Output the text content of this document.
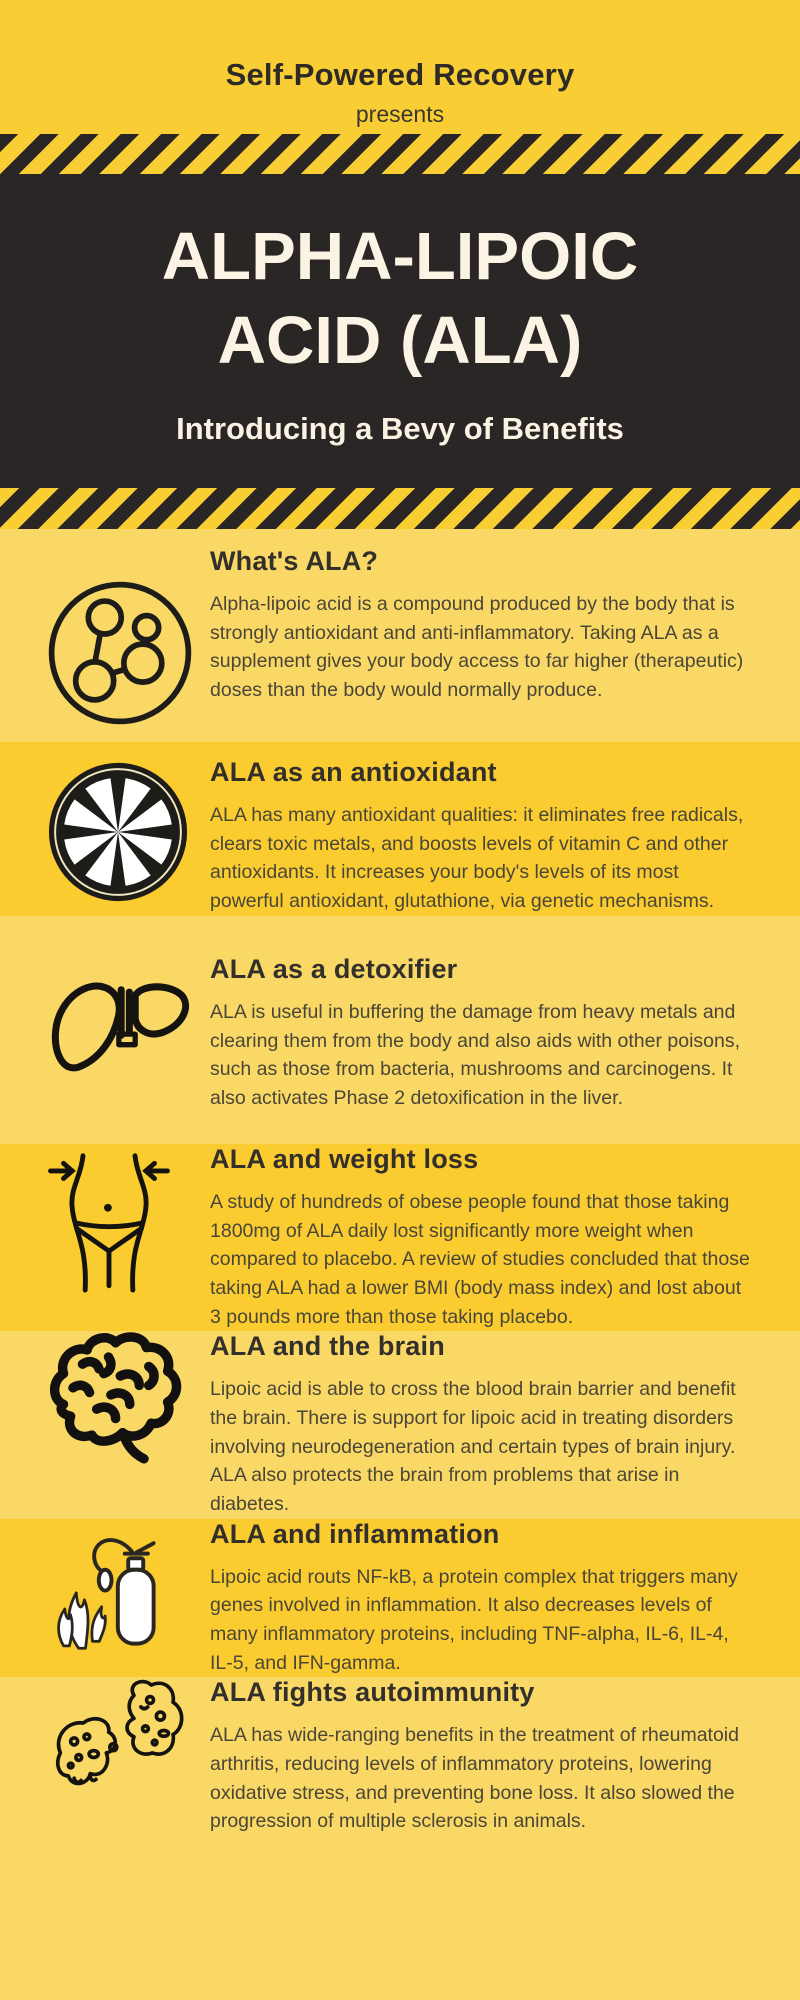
Self-Powered Recovery
presents
ALPHA-LIPOIC
ACID (ALA)
Introducing a Bevy of Benefits
What's ALA?

Alpha-lipoic acid is a compound produced by the body that is strongly antioxidant and anti-inflammatory. Taking ALA as a supplement gives your body access to far higher (therapeutic) doses than the body would normally produce.

ALA as an antioxidant

ALA has many antioxidant qualities: it eliminates free radicals, clears toxic metals, and boosts levels of vitamin C and other antioxidants. It increases your body's levels of its most powerful antioxidant, glutathione, via genetic mechanisms.

ALA as a detoxifier

ALA is useful in buffering the damage from heavy metals and clearing them from the body and also aids with other poisons, such as those from bacteria, mushrooms and carcinogens. It also activates Phase 2 detoxification in the liver.

ALA and weight loss

A study of hundreds of obese people found that those taking 1800mg of ALA daily lost significantly more weight when compared to placebo. A review of studies concluded that those taking ALA had a lower BMI (body mass index) and lost about 3 pounds more than those taking placebo.

ALA and the brain

Lipoic acid is able to cross the blood brain barrier and benefit the brain. There is support for lipoic acid in treating disorders involving neurodegeneration and certain types of brain injury. ALA also protects the brain from problems that arise in diabetes.

ALA and inflammation

Lipoic acid routs NF-kB, a protein complex that triggers many genes involved in inflammation. It also decreases levels of many inflammatory proteins, including TNF-alpha, IL-6, IL-4, IL-5, and IFN-gamma.

ALA fights autoimmunity

ALA has wide-ranging benefits in the treatment of rheumatoid arthritis, reducing levels of inflammatory proteins, lowering oxidative stress, and preventing bone loss. It also slowed the progression of multiple sclerosis in animals.
